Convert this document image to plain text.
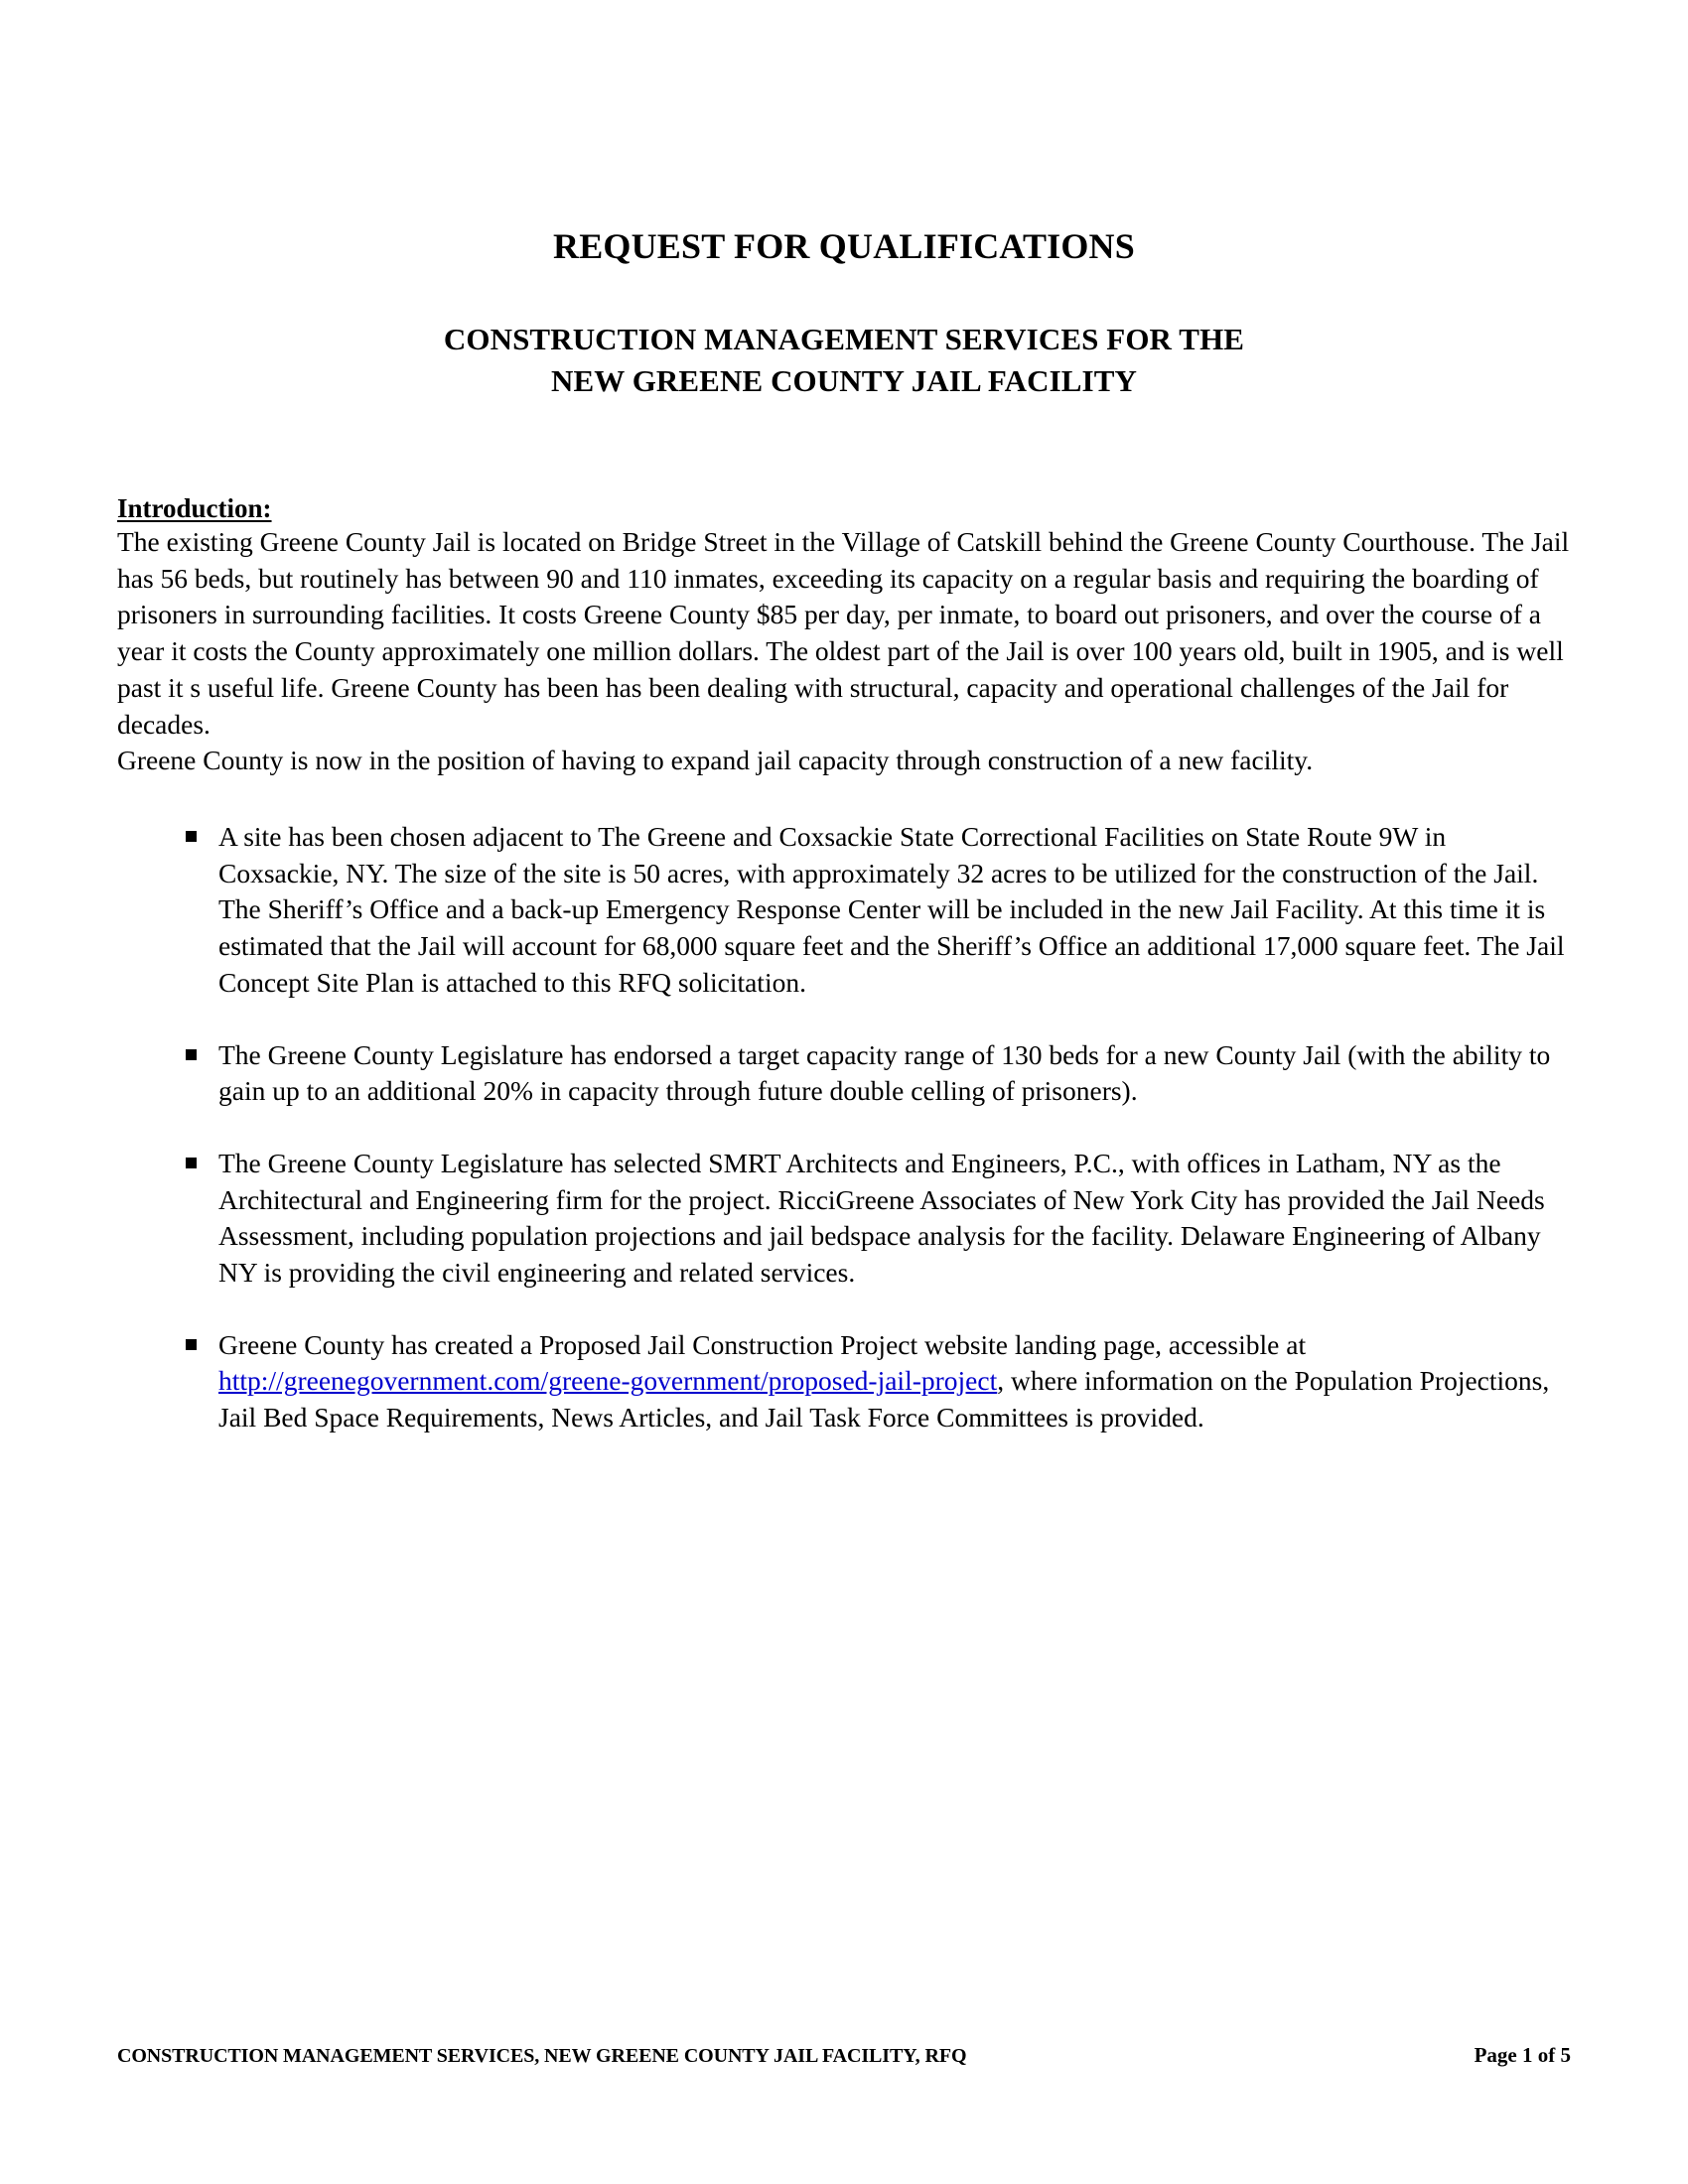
REQUEST FOR QUALIFICATIONS
CONSTRUCTION MANAGEMENT SERVICES FOR THE
NEW GREENE COUNTY JAIL FACILITY
Introduction:

The existing Greene County Jail is located on Bridge Street in the Village of Catskill behind the Greene County Courthouse. The Jail has 56 beds, but routinely has between 90 and 110 inmates, exceeding its capacity on a regular basis and requiring the boarding of prisoners in surrounding facilities. It costs Greene County $85 per day, per inmate, to board out prisoners, and over the course of a year it costs the County approximately one million dollars. The oldest part of the Jail is over 100 years old, built in 1905, and is well past it s useful life. Greene County has been has been dealing with structural, capacity and operational challenges of the Jail for decades.

Greene County is now in the position of having to expand jail capacity through construction of a new facility.

A site has been chosen adjacent to The Greene and Coxsackie State Correctional Facilities on State Route 9W in Coxsackie, NY. The size of the site is 50 acres, with approximately 32 acres to be utilized for the construction of the Jail. The Sheriff’s Office and a back-up Emergency Response Center will be included in the new Jail Facility. At this time it is estimated that the Jail will account for 68,000 square feet and the Sheriff’s Office an additional 17,000 square feet. The Jail Concept Site Plan is attached to this RFQ solicitation.
The Greene County Legislature has endorsed a target capacity range of 130 beds for a new County Jail (with the ability to gain up to an additional 20% in capacity through future double celling of prisoners).
The Greene County Legislature has selected SMRT Architects and Engineers, P.C., with offices in Latham, NY as the Architectural and Engineering firm for the project. RicciGreene Associates of New York City has provided the Jail Needs Assessment, including population projections and jail bedspace analysis for the facility. Delaware Engineering of Albany NY is providing the civil engineering and related services.
Greene County has created a Proposed Jail Construction Project website landing page, accessible at http://greenegovernment.com/greene-government/proposed-jail-project, where information on the Population Projections, Jail Bed Space Requirements, News Articles, and Jail Task Force Committees is provided.
CONSTRUCTION MANAGEMENT SERVICES, NEW GREENE COUNTY JAIL FACILITY, RFQ	Page 1 of 5
